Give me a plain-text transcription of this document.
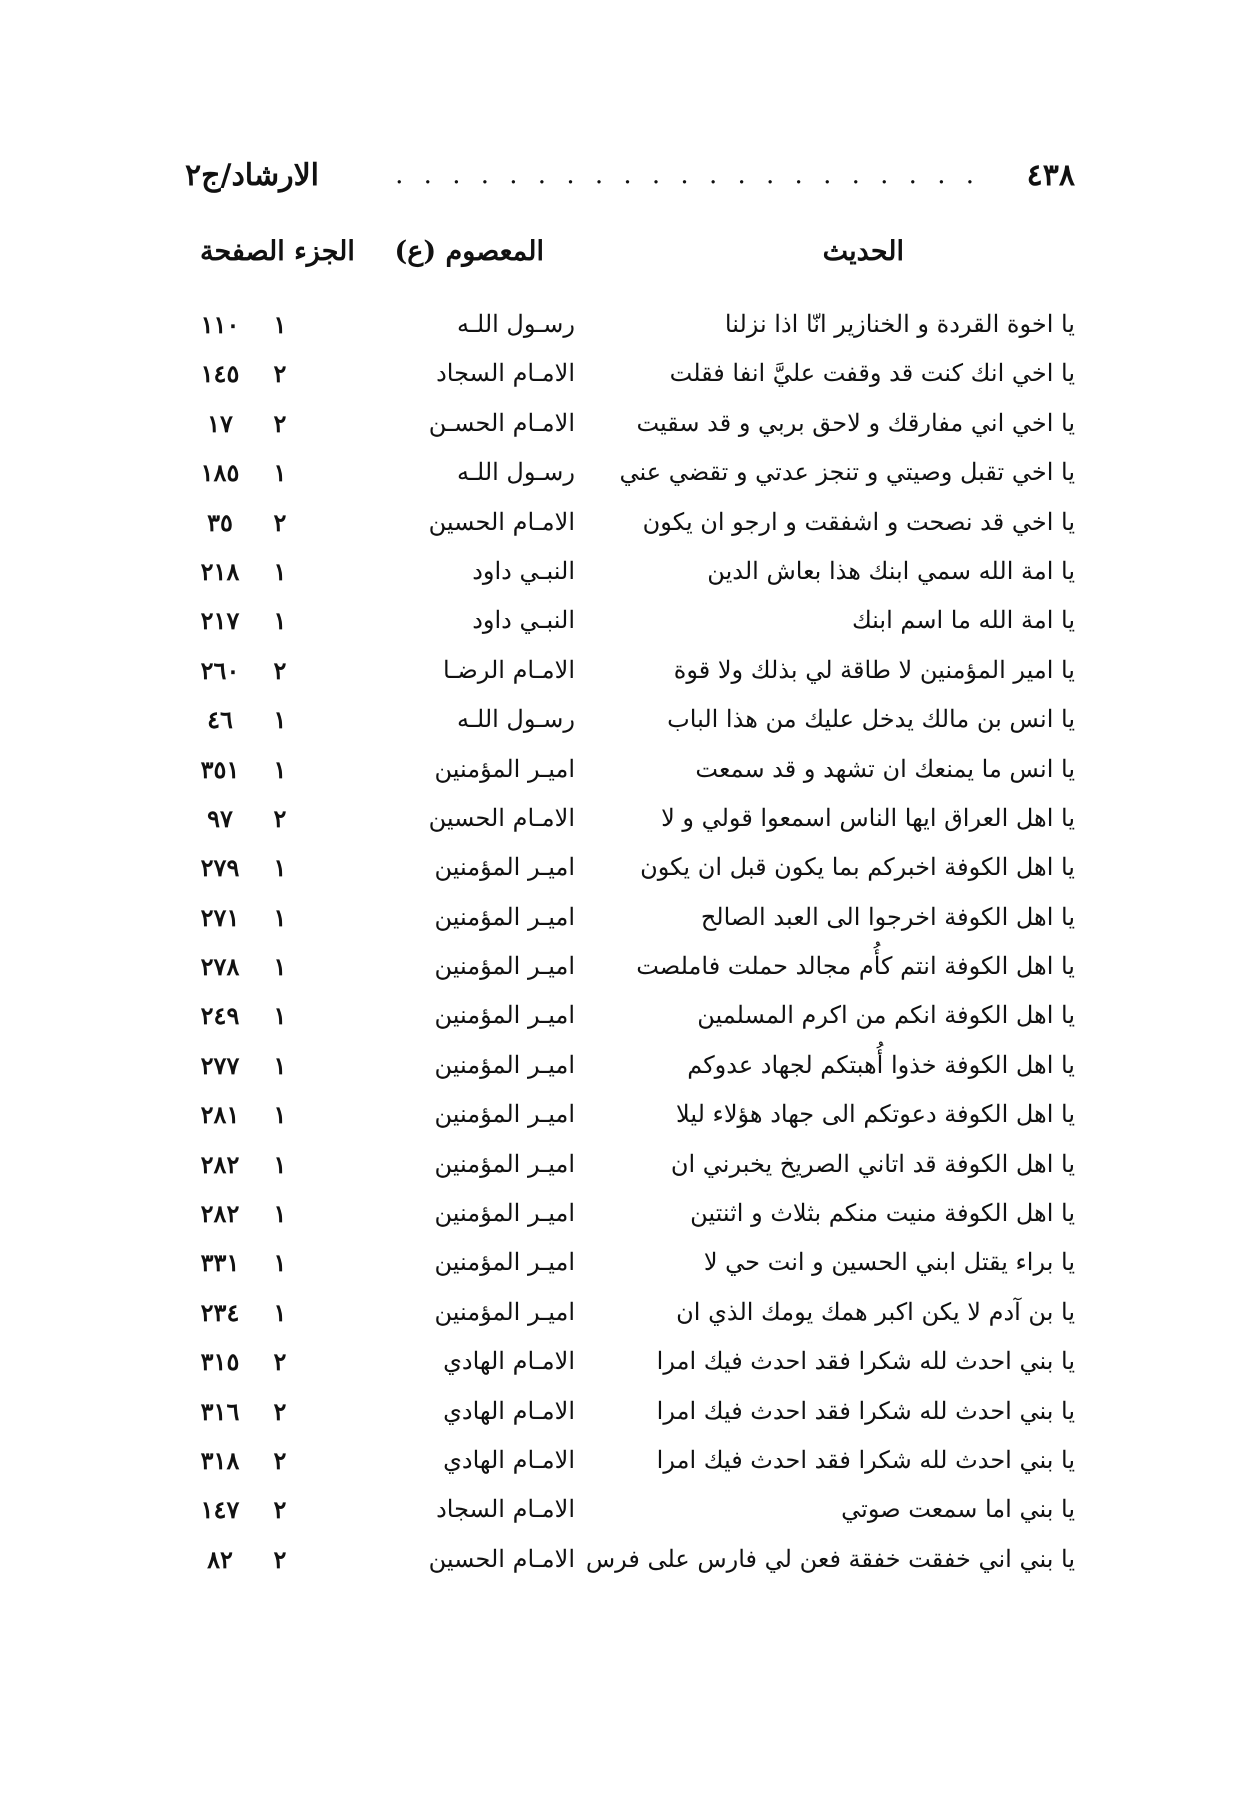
٤٣٨
. . . . . . . . . . . . . . . . . . . . .
الارشاد/ج٢
الحديث
المعصوم (ع)
الجزء الصفحة
يا اخوة القردة و الخنازير انّا اذا نزلنا
رسـول اللـه
١
١١٠
يا اخي انك كنت قد وقفت عليَّ انفا فقلت
الامـام السجاد
٢
١٤٥
يا اخي اني مفارقك و لاحق بربي و قد سقيت
الامـام الحسـن
٢
١٧
يا اخي تقبل وصيتي و تنجز عدتي و تقضي عني
رسـول اللـه
١
١٨٥
يا اخي قد نصحت و اشفقت و ارجو ان يكون
الامـام الحسين
٢
٣٥
يا امة الله سمي ابنك هذا بعاش الدين
النبـي داود
١
٢١٨
يا امة الله ما اسم ابنك
النبـي داود
١
٢١٧
يا امير المؤمنين لا طاقة لي بذلك ولا قوة
الامـام الرضـا
٢
٢٦٠
يا انس بن مالك يدخل عليك من هذا الباب
رسـول اللـه
١
٤٦
يا انس ما يمنعك ان تشهد و قد سمعت
اميـر المؤمنين
١
٣٥١
يا اهل العراق ايها الناس اسمعوا قولي و لا
الامـام الحسين
٢
٩٧
يا اهل الكوفة اخبركم بما يكون قبل ان يكون
اميـر المؤمنين
١
٢٧٩
يا اهل الكوفة اخرجوا الى العبد الصالح
اميـر المؤمنين
١
٢٧١
يا اهل الكوفة انتم كأُم مجالد حملت فاملصت
اميـر المؤمنين
١
٢٧٨
يا اهل الكوفة انكم من اكرم المسلمين
اميـر المؤمنين
١
٢٤٩
يا اهل الكوفة خذوا أُهبتكم لجهاد عدوكم
اميـر المؤمنين
١
٢٧٧
يا اهل الكوفة دعوتكم الى جهاد هؤلاء ليلا
اميـر المؤمنين
١
٢٨١
يا اهل الكوفة قد اتاني الصريخ يخبرني ان
اميـر المؤمنين
١
٢٨٢
يا اهل الكوفة منيت منكم بثلاث و اثنتين
اميـر المؤمنين
١
٢٨٢
يا براء يقتل ابني الحسين و انت حي لا
اميـر المؤمنين
١
٣٣١
يا بن آدم لا يكن اكبر همك يومك الذي ان
اميـر المؤمنين
١
٢٣٤
يا بني احدث لله شكرا فقد احدث فيك امرا
الامـام الهادي
٢
٣١٥
يا بني احدث لله شكرا فقد احدث فيك امرا
الامـام الهادي
٢
٣١٦
يا بني احدث لله شكرا فقد احدث فيك امرا
الامـام الهادي
٢
٣١٨
يا بني اما سمعت صوتي
الامـام السجاد
٢
١٤٧
يا بني اني خفقت خفقة فعن لي فارس على فرس
الامـام الحسين
٢
٨٢
